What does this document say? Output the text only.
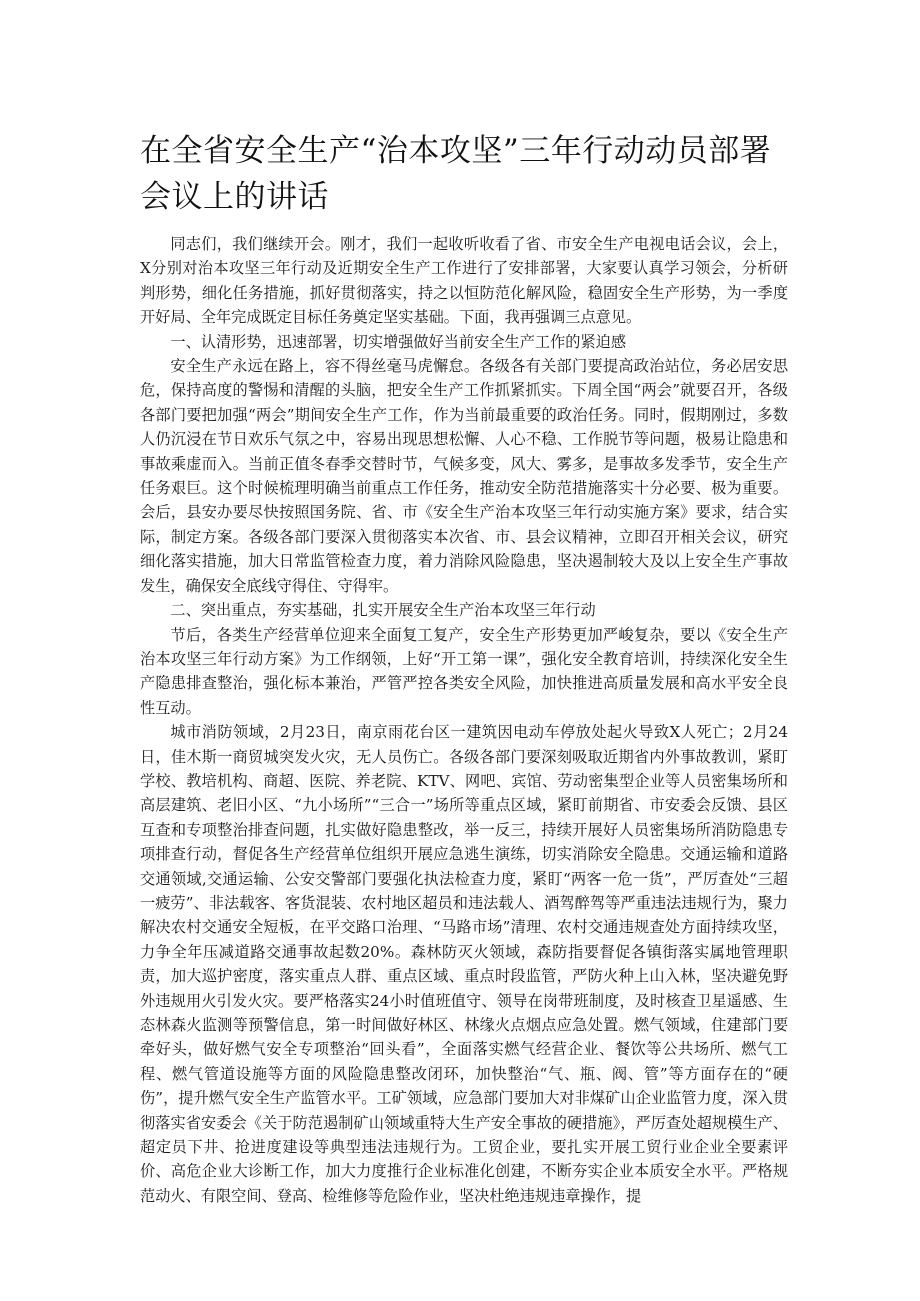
在全省安全生产“治本攻坚”三年行动动员部署会议上的讲话

同志们，我们继续开会。刚才，我们一起收听收看了省、市安全生产电视电话会议，会上，X分别对治本攻坚三年行动及近期安全生产工作进行了安排部署，大家要认真学习领会，分析研判形势，细化任务措施，抓好贯彻落实，持之以恒防范化解风险，稳固安全生产形势，为一季度开好局、全年完成既定目标任务奠定坚实基础。下面，我再强调三点意见。

一、认清形势，迅速部署，切实增强做好当前安全生产工作的紧迫感

安全生产永远在路上，容不得丝毫马虎懈怠。各级各有关部门要提高政治站位，务必居安思危，保持高度的警惕和清醒的头脑，把安全生产工作抓紧抓实。下周全国“两会”就要召开，各级各部门要把加强“两会”期间安全生产工作，作为当前最重要的政治任务。同时，假期刚过，多数人仍沉浸在节日欢乐气氛之中，容易出现思想松懈、人心不稳、工作脱节等问题，极易让隐患和事故乘虚而入。当前正值冬春季交替时节，气候多变，风大、雾多，是事故多发季节，安全生产任务艰巨。这个时候梳理明确当前重点工作任务，推动安全防范措施落实十分必要、极为重要。会后，县安办要尽快按照国务院、省、市《安全生产治本攻坚三年行动实施方案》要求，结合实际，制定方案。各级各部门要深入贯彻落实本次省、市、县会议精神，立即召开相关会议，研究细化落实措施，加大日常监管检查力度，着力消除风险隐患，坚决遏制较大及以上安全生产事故发生，确保安全底线守得住、守得牢。

二、突出重点，夯实基础，扎实开展安全生产治本攻坚三年行动

节后，各类生产经营单位迎来全面复工复产，安全生产形势更加严峻复杂，要以《安全生产治本攻坚三年行动方案》为工作纲领，上好“开工第一课”，强化安全教育培训，持续深化安全生产隐患排查整治，强化标本兼治，严管严控各类安全风险，加快推进高质量发展和高水平安全良性互动。

城市消防领域，2月23日，南京雨花台区一建筑因电动车停放处起火导致X人死亡；2月24日，佳木斯一商贸城突发火灾，无人员伤亡。各级各部门要深刻吸取近期省内外事故教训，紧盯学校、教培机构、商超、医院、养老院、KTV、网吧、宾馆、劳动密集型企业等人员密集场所和高层建筑、老旧小区、“九小场所”“三合一”场所等重点区域，紧盯前期省、市安委会反馈、县区互查和专项整治排查问题，扎实做好隐患整改，举一反三，持续开展好人员密集场所消防隐患专项排查行动，督促各生产经营单位组织开展应急逃生演练，切实消除安全隐患。交通运输和道路交通领域,交通运输、公安交警部门要强化执法检查力度，紧盯“两客一危一货”，严厉查处“三超一疲劳”、非法载客、客货混装、农村地区超员和违法载人、酒驾醉驾等严重违法违规行为，聚力解决农村交通安全短板，在平交路口治理、“马路市场”清理、农村交通违规查处方面持续攻坚，力争全年压减道路交通事故起数20%。森林防灭火领域，森防指要督促各镇街落实属地管理职责，加大巡护密度，落实重点人群、重点区域、重点时段监管，严防火种上山入林，坚决避免野外违规用火引发火灾。要严格落实24小时值班值守、领导在岗带班制度，及时核查卫星遥感、生态林森火监测等预警信息，第一时间做好林区、林缘火点烟点应急处置。燃气领域，住建部门要牵好头，做好燃气安全专项整治“回头看”，全面落实燃气经营企业、餐饮等公共场所、燃气工程、燃气管道设施等方面的风险隐患整改闭环，加快整治“气、瓶、阀、管”等方面存在的“硬伤”，提升燃气安全生产监管水平。工矿领域，应急部门要加大对非煤矿山企业监管力度，深入贯彻落实省安委会《关于防范遏制矿山领域重特大生产安全事故的硬措施》，严厉查处超规模生产、超定员下井、抢进度建设等典型违法违规行为。工贸企业，要扎实开展工贸行业企业全要素评价、高危企业大诊断工作，加大力度推行企业标准化创建，不断夯实企业本质安全水平。严格规范动火、有限空间、登高、检维修等危险作业，坚决杜绝违规违章操作，提
